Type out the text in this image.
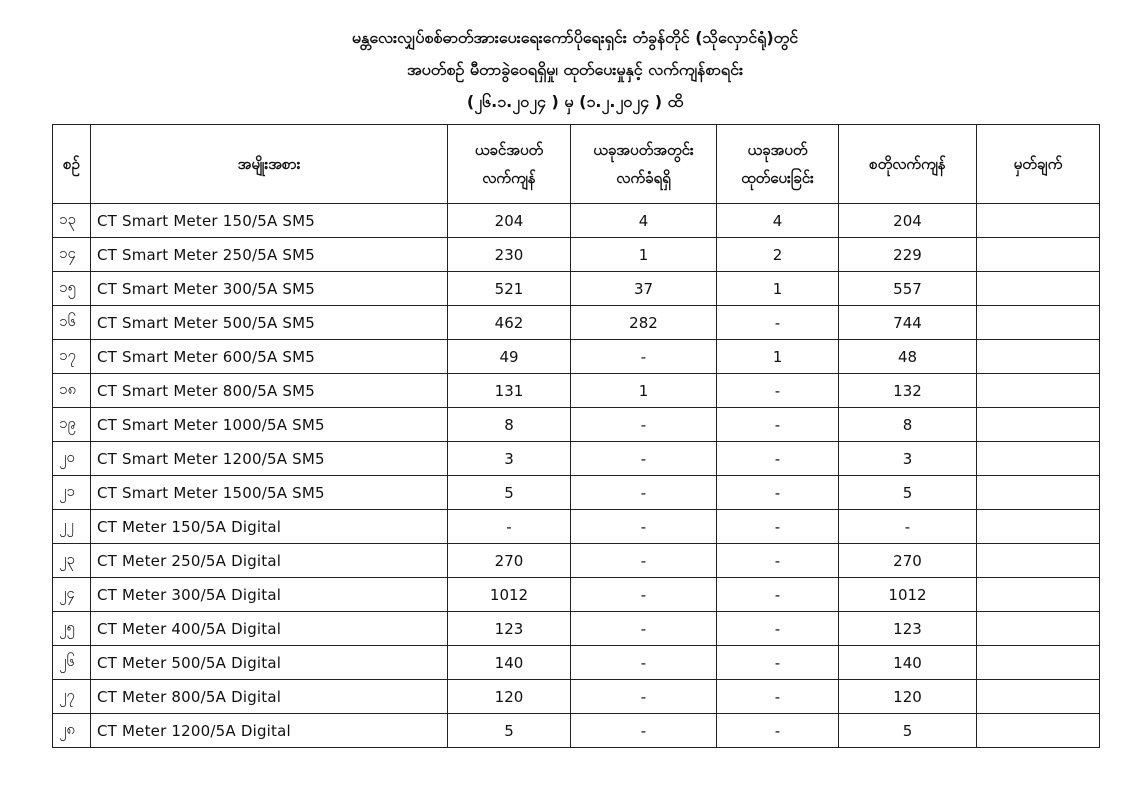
မန္တလေးလျှပ်စစ်ဓာတ်အားပေးရေးကော်ပိုရေးရှင်း တံခွန်တိုင် (သိုလှောင်ရုံ)တွင်
အပတ်စဉ် မီတာခွဲဝေရရှိမှု၊ ထုတ်ပေးမှုနှင့် လက်ကျန်စာရင်း
(၂၆.၁.၂၀၂၄ ) မှ (၁.၂.၂၀၂၄ ) ထိ
စဉ်	အမျိုးအစား	ယခင်အပတ် လက်ကျန်	ယခုအပတ်အတွင်း လက်ခံရရှိ	ယခုအပတ် ထုတ်ပေးခြင်း	စတိုလက်ကျန်	မှတ်ချက်
၁၃	CT Smart Meter 150/5A SM5	204	4	4	204	
၁၄	CT Smart Meter 250/5A SM5	230	1	2	229	
၁၅	CT Smart Meter 300/5A SM5	521	37	1	557	
၁၆	CT Smart Meter 500/5A SM5	462	282	-	744	
၁၇	CT Smart Meter 600/5A SM5	49	-	1	48	
၁၈	CT Smart Meter 800/5A SM5	131	1	-	132	
၁၉	CT Smart Meter 1000/5A SM5	8	-	-	8	
၂၀	CT Smart Meter 1200/5A SM5	3	-	-	3	
၂၁	CT Smart Meter 1500/5A SM5	5	-	-	5	
၂၂	CT Meter 150/5A Digital	-	-	-	-	
၂၃	CT Meter 250/5A Digital	270	-	-	270	
၂၄	CT Meter 300/5A Digital	1012	-	-	1012	
၂၅	CT Meter 400/5A Digital	123	-	-	123	
၂၆	CT Meter 500/5A Digital	140	-	-	140	
၂၇	CT Meter 800/5A Digital	120	-	-	120	
၂၈	CT Meter 1200/5A Digital	5	-	-	5	
